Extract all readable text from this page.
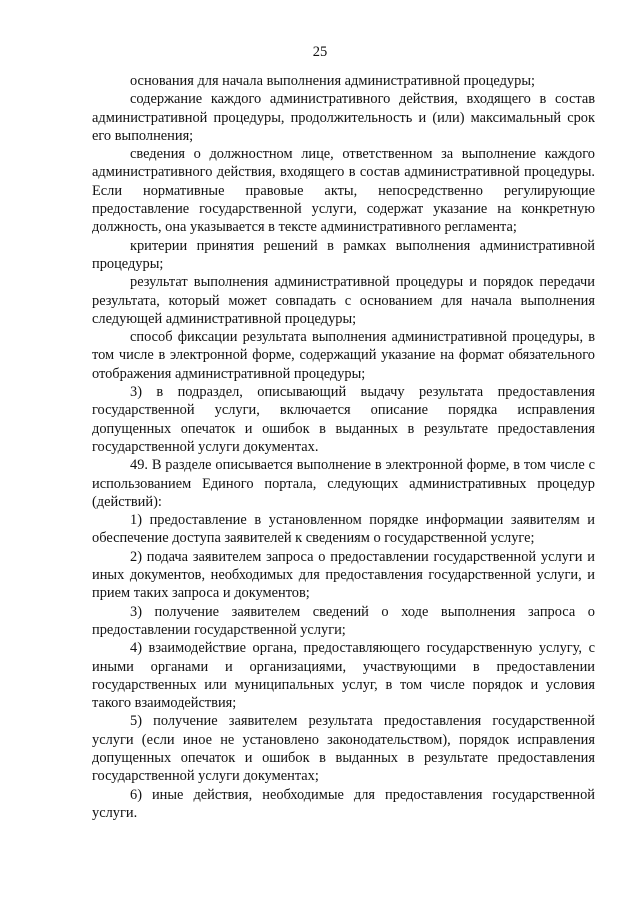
25

основания для начала выполнения административной процедуры;

содержание каждого административного действия, входящего в состав административной процедуры, продолжительность и (или) максимальный срок его выполнения;

сведения о должностном лице, ответственном за выполнение каждого административного действия, входящего в состав административной процедуры. Если нормативные правовые акты, непосредственно регулирующие предоставление государственной услуги, содержат указание на конкретную должность, она указывается в тексте административного регламента;

критерии принятия решений в рамках выполнения административной процедуры;

результат выполнения административной процедуры и порядок передачи результата, который может совпадать с основанием для начала выполнения следующей административной процедуры;

способ фиксации результата выполнения административной процедуры, в том числе в электронной форме, содержащий указание на формат обязательного отображения административной процедуры;

3) в подраздел, описывающий выдачу результата предоставления государственной услуги, включается описание порядка исправления допущенных опечаток и ошибок в выданных в результате предоставления государственной услуги документах.

49. В разделе описывается выполнение в электронной форме, в том числе с использованием Единого портала, следующих административных процедур (действий):

1) предоставление в установленном порядке информации заявителям и обеспечение доступа заявителей к сведениям о государственной услуге;

2) подача заявителем запроса о предоставлении государственной услуги и иных документов, необходимых для предоставления государственной услуги, и прием таких запроса и документов;

3) получение заявителем сведений о ходе выполнения запроса о предоставлении государственной услуги;

4) взаимодействие органа, предоставляющего государственную услугу, с иными органами и организациями, участвующими в предоставлении государственных или муниципальных услуг, в том числе порядок и условия такого взаимодействия;

5) получение заявителем результата предоставления государственной услуги (если иное не установлено законодательством), порядок исправления допущенных опечаток и ошибок в выданных в результате предоставления государственной услуги документах;

6) иные действия, необходимые для предоставления государственной услуги.
